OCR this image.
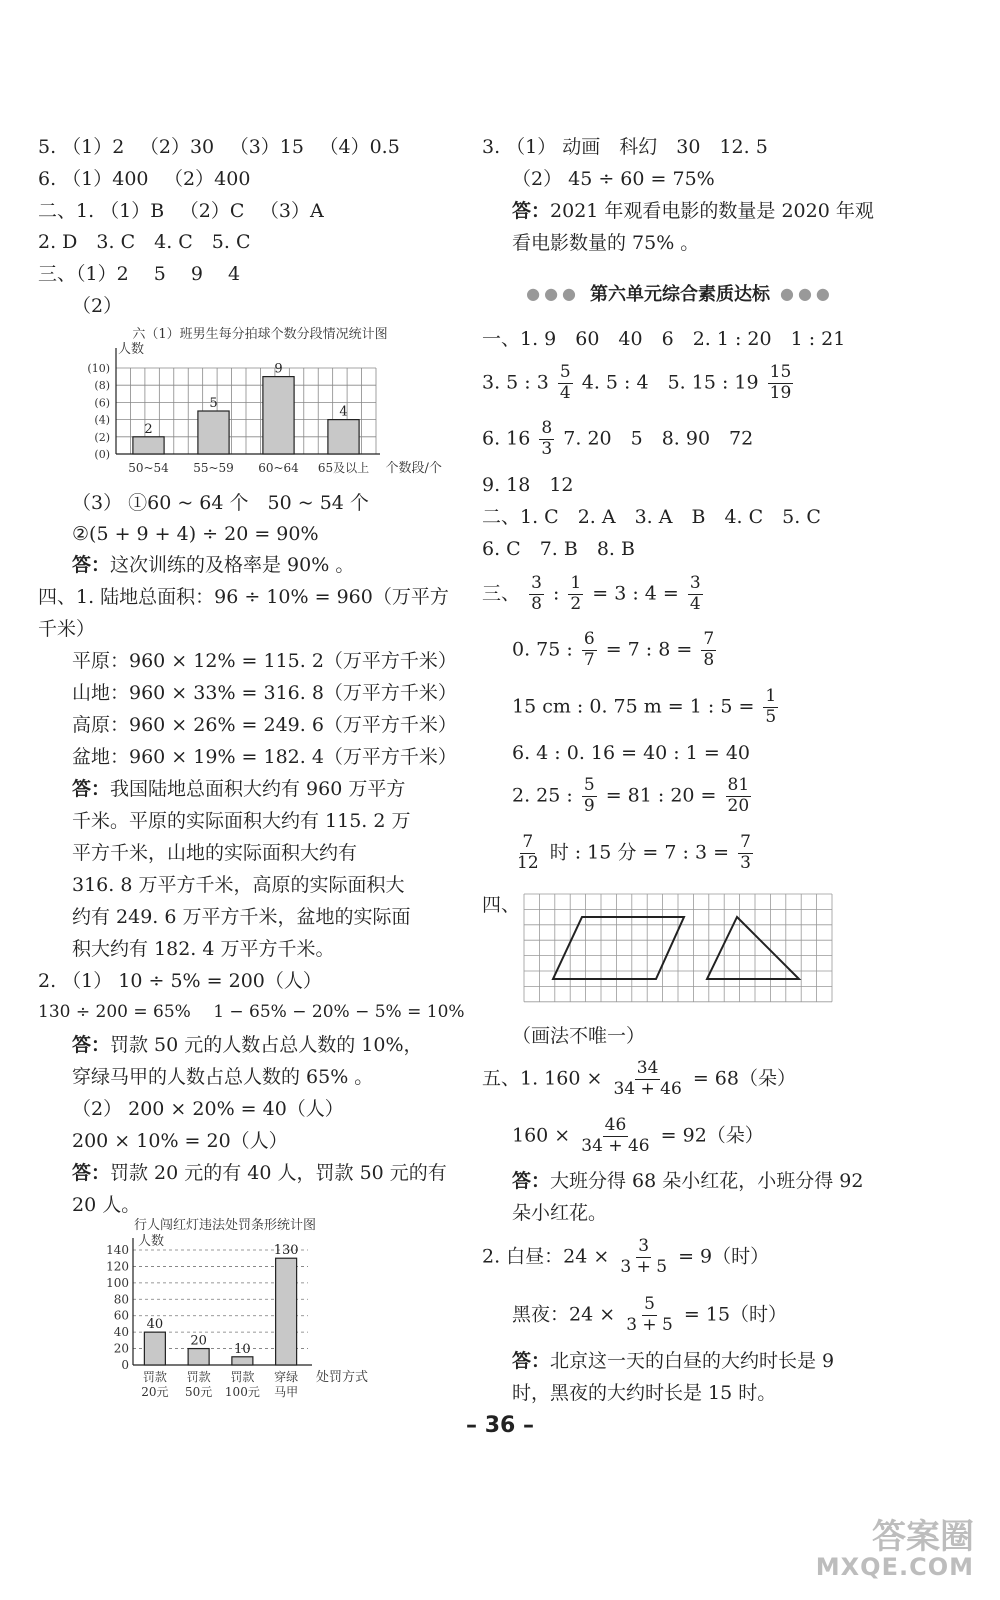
5. （1）2 　（2）30 　（3）15 　（4）0.5
6. （1）400 　（2）400
二、1. （1）B 　（2）C 　（3）A
2. D　3. C　4. C　5. C
三、（1）2 　5 　9 　4
（2）
六（1）班男生每分拍球个数分段情况统计图
人数
2
5
9
4
(0)
(2)
(4)
(6)
(8)
(10)
50~54 55~59 60~64 65及以上 个数段/个
（3） ①60 ~ 64 个　50 ~ 54 个
②(5 + 9 + 4) ÷ 20 = 90%
答：这次训练的及格率是 90% 。
四、1. 陆地总面积：96 ÷ 10% = 960（万平方
千米）
平原：960 × 12% = 115. 2（万平方千米）
山地：960 × 33% = 316. 8（万平方千米）
高原：960 × 26% = 249. 6（万平方千米）
盆地：960 × 19% = 182. 4（万平方千米）
答：我国陆地总面积大约有 960 万平方
千米。平原的实际面积大约有 115. 2 万
平方千米，山地的实际面积大约有
316. 8 万平方千米，高原的实际面积大
约有 249. 6 万平方千米，盆地的实际面
积大约有 182. 4 万平方千米。
2. （1） 10 ÷ 5% = 200（人）
130 ÷ 200 = 65%　 1 − 65% − 20% − 5% = 10%
答：罚款 50 元的人数占总人数的 10%，
穿绿马甲的人数占总人数的 65% 。
（2） 200 × 20% = 40（人）
200 × 10% = 20（人）
答：罚款 20 元的有 40 人，罚款 50 元的有
20 人。
行人闯红灯违法处罚条形统计图
人数
40
20
10
130
0
20
40
60
80
100
120
140
罚款
20元
罚款
50元
罚款
100元
穿绿
马甲
处罚方式
3. （1） 动画　科幻　30　12. 5
（2） 45 ÷ 60 = 75%
答：2021 年观看电影的数量是 2020 年观
看电影数量的 75% 。
●●● 第六单元综合素质达标 ●●●
一、1. 9　60　40　6　2. 1 : 20　1 : 21
3. 5 : $3 \frac{5}{4} 4$. 5 : 4　5. 15 : $19 \frac{15}{19}$
6. $16 \frac{8}{3} 7$. 20　5　8. 90　72
9. 18　12
二、1. C　2. A　3. A　B　4. C　5. C
6. C　7. B　8. B
三、 $\frac{3}{8}$ : $\frac{1}{2} = 3$ : $4 = \frac{3}{4}$
0. 75 : $\frac{6}{7} = 7$ : $8 = \frac{7}{8}$
15 cm : 0. 75 m = 1 : $5 = \frac{1}{5}$
6. 4 : 0. 16 = 40 : 1 = 40
2. 25 : $\frac{5}{9} = 81$ : $20 = \frac{81}{20}$
$\frac{7}{12}$ 时 : 15 分 = 7 : $3 = \frac{7}{3}$
四、
（画法不唯一）
五、1. $160 \times \frac{34}{34 + 46} = 68$（朵）
$160 \times \frac{46}{34 + 46} = 92$（朵）
答：大班分得 68 朵小红花，小班分得 92
朵小红花。
2. 白昼：$24 \times \frac{3}{3 + 5} = 9$（时）
黑夜：$24 \times \frac{5}{3 + 5} = 15$（时）
答：北京这一天的白昼的大约时长是 9
时，黑夜的大约时长是 15 时。
– 36 –
答案圈
MXQE.COM
